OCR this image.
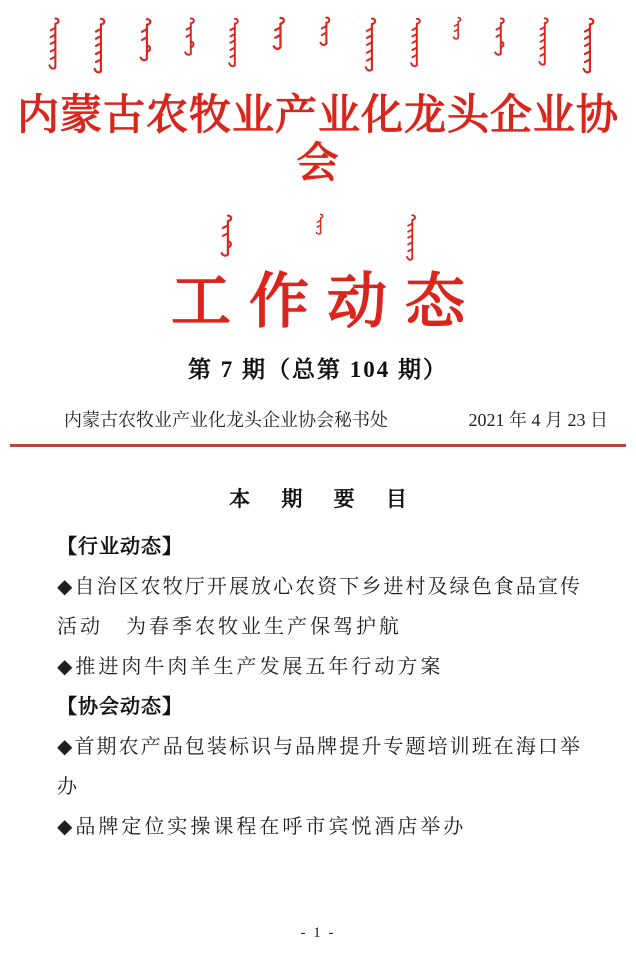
内蒙古农牧业产业化龙头企业协会
工作动态
第 7 期（总第 104 期）
内蒙古农牧业产业化龙头企业协会秘书处	2021 年 4 月 23 日
本 期 要 目
【行业动态】
◆自治区农牧厅开展放心农资下乡进村及绿色食品宣传
活动　为春季农牧业生产保驾护航
◆推进肉牛肉羊生产发展五年行动方案
【协会动态】
◆首期农产品包装标识与品牌提升专题培训班在海口举
办
◆品牌定位实操课程在呼市宾悦酒店举办
- 1 -
